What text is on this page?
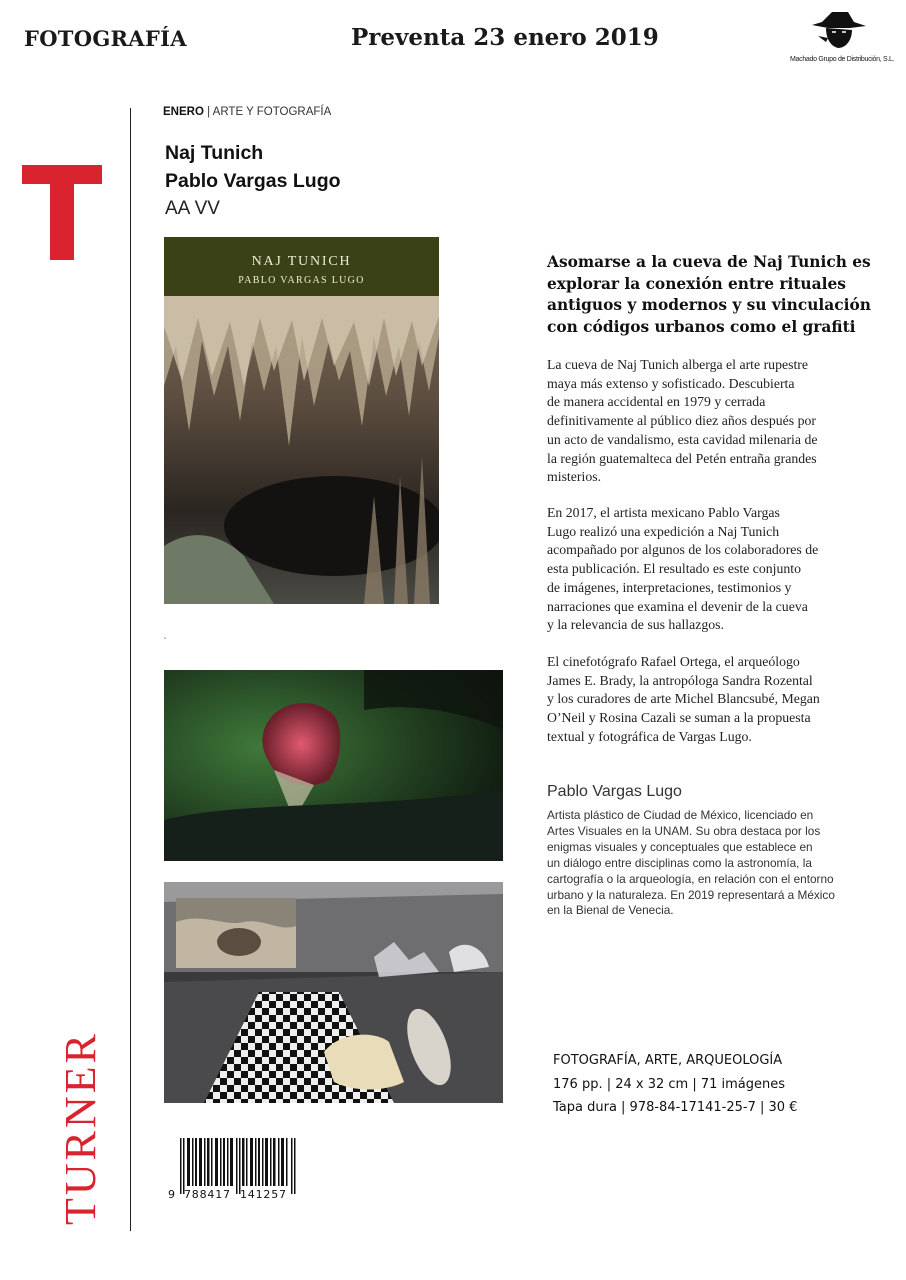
FOTOGRAFÍA	Preventa 23 enero 2019
Machado Grupo de Distribución, S.L.
TURNER
ENERO | ARTE Y FOTOGRAFÍA
Naj Tunich
Pablo Vargas Lugo
AA VV
NAJ TUNICH
PABLO VARGAS LUGO
▪
Asomarse a la cueva de Naj Tunich es
explorar la conexión entre rituales
antiguos y modernos y su vinculación
con códigos urbanos como el grafiti
La cueva de Naj Tunich alberga el arte rupestre
maya más extenso y sofisticado. Descubierta
de manera accidental en 1979 y cerrada
definitivamente al público diez años después por
un acto de vandalismo, esta cavidad milenaria de
la región guatemalteca del Petén entraña grandes
misterios.
En 2017, el artista mexicano Pablo Vargas
Lugo realizó una expedición a Naj Tunich
acompañado por algunos de los colaboradores de
esta publicación. El resultado es este conjunto
de imágenes, interpretaciones, testimonios y
narraciones que examina el devenir de la cueva
y la relevancia de sus hallazgos.
El cinefotógrafo Rafael Ortega, el arqueólogo
James E. Brady, la antropóloga Sandra Rozental
y los curadores de arte Michel Blancsubé, Megan
O’Neil y Rosina Cazali se suman a la propuesta
textual y fotográfica de Vargas Lugo.
Pablo Vargas Lugo
Artista plástico de Ciudad de México, licenciado en
Artes Visuales en la UNAM. Su obra destaca por los
enigmas visuales y conceptuales que establece en
un diálogo entre disciplinas como la astronomía, la
cartografía o la arqueología, en relación con el entorno
urbano y la naturaleza. En 2019 representará a México
en la Bienal de Venecia.
FOTOGRAFÍA, ARTE, ARQUEOLOGÍA
176 pp. | 24 x 32 cm | 71 imágenes
Tapa dura | 978-84-17141-25-7 | 30 €
9 788417 141257
